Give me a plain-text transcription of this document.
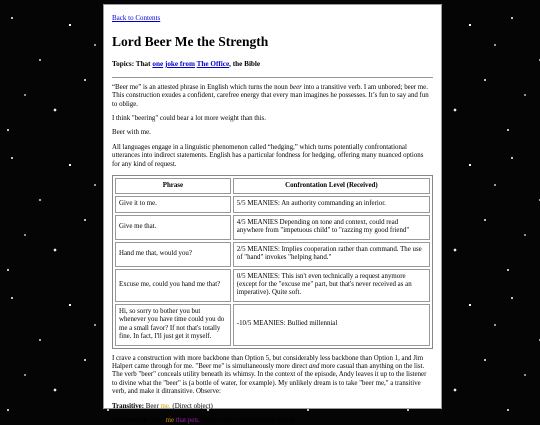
Back to Contents
Lord Beer Me the Strength
Topics: That one joke from The Office, the Bible

“Beer me” is an attested phrase in English which turns the noun beer into a transitive verb. I am unbored; beer me. This construction exudes a confident, carefree energy that every man imagines he possesses. It’s fun to say and fun to oblige.

I think "beering" could bear a lot more weight than this.

Beer with me.

All languages engage in a linguistic phenomenon called “hedging,” which turns potentially confrontational utterances into indirect statements. English has a particular fondness for hedging, offering many nuanced options for any kind of request.

Phrase	Confrontation Level (Received)
Give it to me.	5/5 MEANIES: An authority commanding an inferior.
Give me that.	4/5 MEANIES Depending on tone and context, could read anywhere from "impetuous child" to "razzing my good friend"
Hand me that, would you?	2/5 MEANIES: Implies cooperation rather than command. The use of "hand" invokes "helping hand."
Excuse me, could you hand me that?	0/5 MEANIES: This isn't even technically a request anymore (except for the "excuse me" part, but that's never received as an imperative). Quite soft.
Hi, so sorry to bother you but whenever you have time could you do me a small favor? If not that's totally fine. In fact, I'll just get it myself.	-10/5 MEANIES: Bullied millennial

I crave a construction with more backbone than Option 5, but considerably less backbone than Option 1, and Jim Halpert came through for me. "Beer me" is simultaneously more direct and more casual than anything on the list. The verb "beer" conceals utility beneath its whimsy. In the context of the episode, Andy leaves it up to the listener to divine what the "beer" is (a bottle of water, for example). My unlikely dream is to take "beer me," a transitive verb, and make it ditransitive. Observe:

Transitive: Beer me. (Direct object)

Ditransitive: Beer me that pen. (Direct object and indirect object)
